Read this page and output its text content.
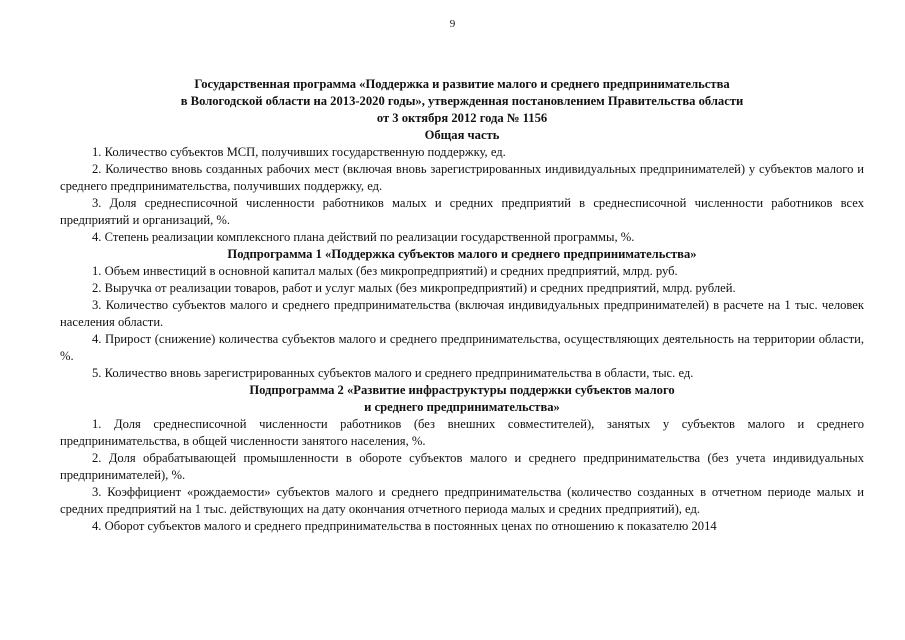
9

Государственная программа «Поддержка и развитие малого и среднего предпринимательства

в Вологодской области на 2013-2020 годы», утвержденная постановлением Правительства области

от 3 октября 2012 года № 1156

Общая часть

1. Количество субъектов МСП, получивших государственную поддержку, ед.

2. Количество вновь созданных рабочих мест (включая вновь зарегистрированных индивидуальных предпринимателей) у субъектов малого и среднего предпринимательства, получивших поддержку, ед.

3. Доля среднесписочной численности работников малых и средних предприятий в среднесписочной численности работников всех предприятий и организаций, %.

4. Степень реализации комплексного плана действий по реализации государственной программы, %.

Подпрограмма 1 «Поддержка субъектов малого и среднего предпринимательства»

1. Объем инвестиций в основной капитал малых (без микропредприятий) и средних предприятий, млрд. руб.

2. Выручка от реализации товаров, работ и услуг малых (без микропредприятий) и средних предприятий, млрд. рублей.

3. Количество субъектов малого и среднего предпринимательства (включая индивидуальных предпринимателей) в расчете на 1 тыс. человек населения области.

4. Прирост (снижение) количества субъектов малого и среднего предпринимательства, осуществляющих деятельность на территории области, %.

5. Количество вновь зарегистрированных субъектов малого и среднего предпринимательства в области, тыс. ед.

Подпрограмма 2 «Развитие инфраструктуры поддержки субъектов малого

и среднего предпринимательства»

1. Доля среднесписочной численности работников (без внешних совместителей), занятых у субъектов малого и среднего предпринимательства, в общей численности занятого населения, %.

2. Доля обрабатывающей промышленности в обороте субъектов малого и среднего предпринимательства (без учета индивидуальных предпринимателей), %.

3. Коэффициент «рождаемости» субъектов малого и среднего предпринимательства (количество созданных в отчетном периоде малых и средних предприятий на 1 тыс. действующих на дату окончания отчетного периода малых и средних предприятий), ед.

4. Оборот субъектов малого и среднего предпринимательства в постоянных ценах по отношению к показателю 2014
